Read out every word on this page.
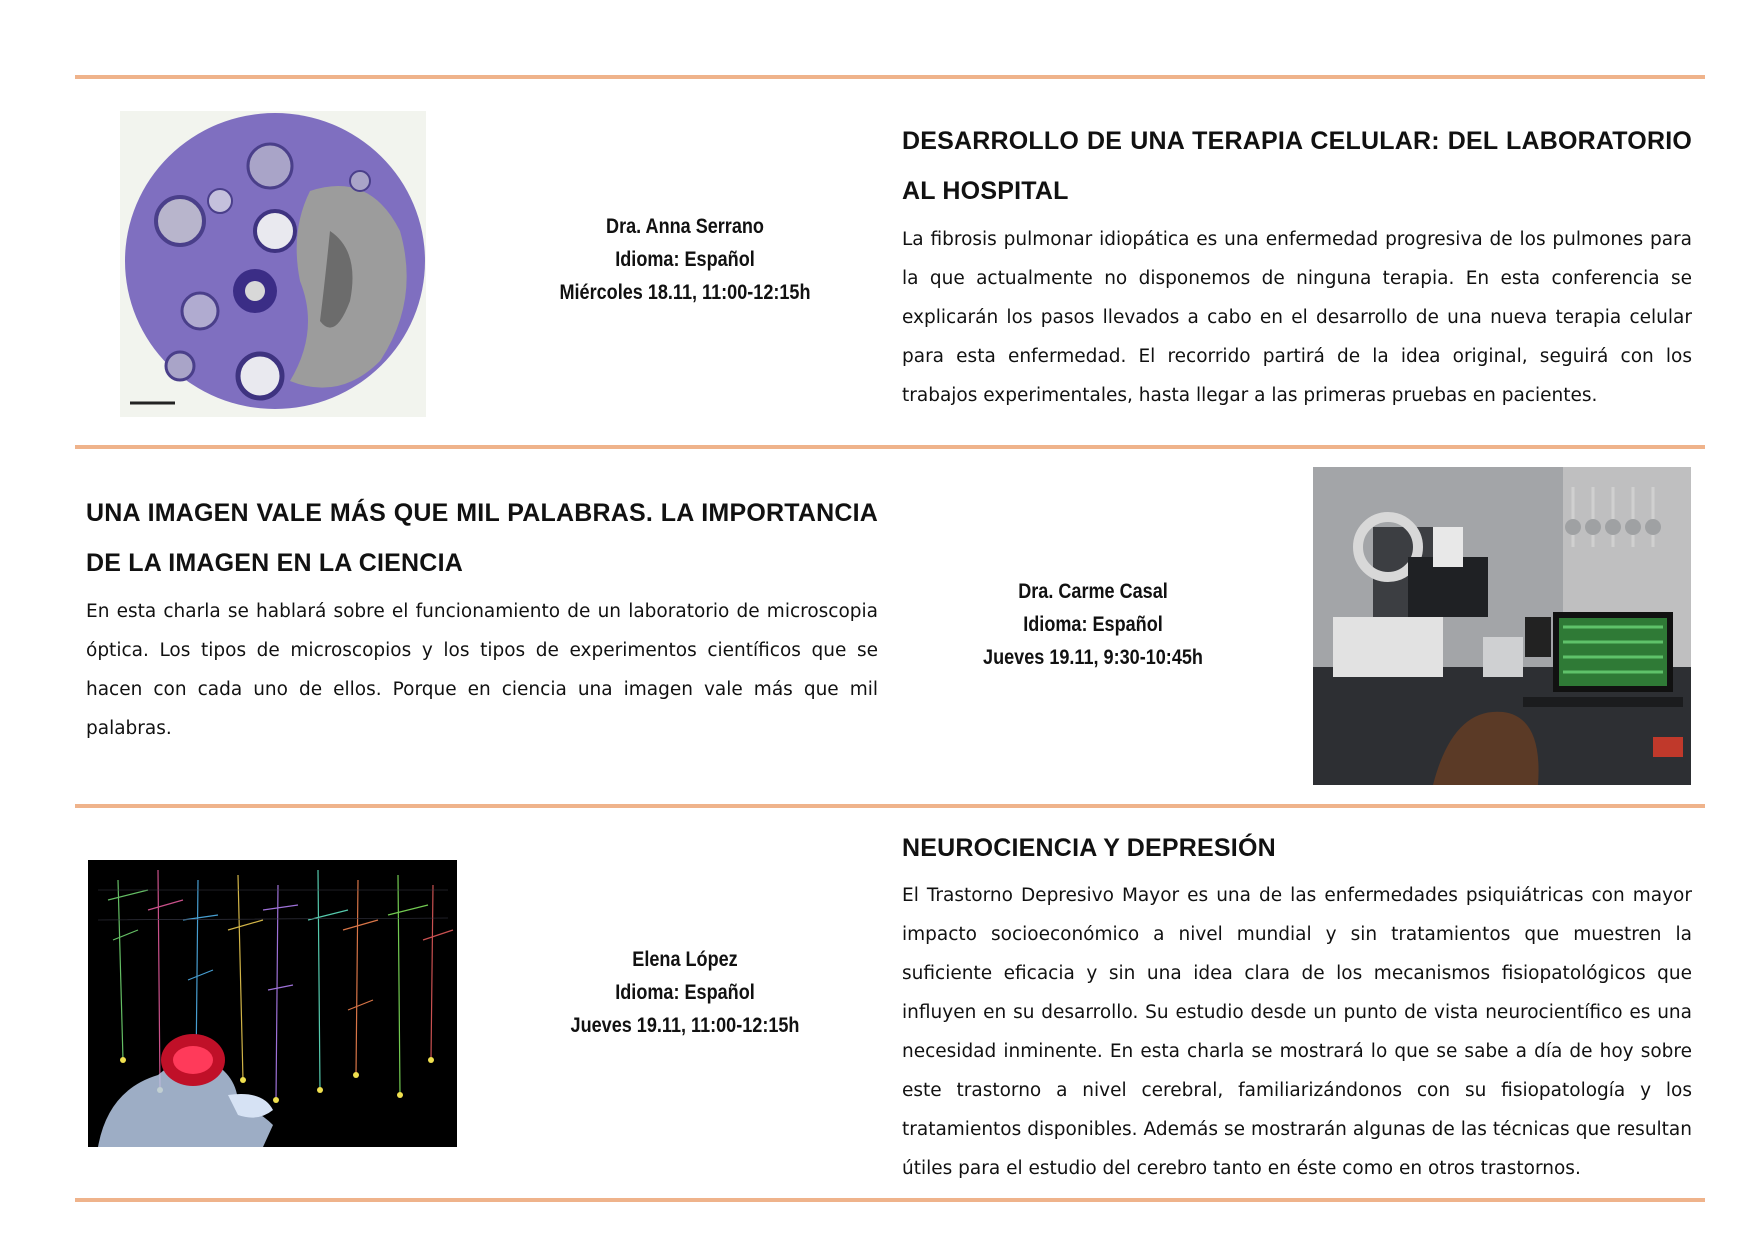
Dra. Anna Serrano
Idioma: Español
Miércoles 18.11, 11:00-12:15h
DESARROLLO DE UNA TERAPIA CELULAR: DEL LABORATORIO AL HOSPITAL
La fibrosis pulmonar idiopática es una enfermedad progresiva de los pulmones para la que actualmente no disponemos de ninguna terapia. En esta conferencia se explicarán los pasos llevados a cabo en el desarrollo de una nueva terapia celular para esta enfermedad. El recorrido partirá de la idea original, seguirá con los trabajos experimentales, hasta llegar a las primeras pruebas en pacientes.
UNA IMAGEN VALE MÁS QUE MIL PALABRAS. LA IMPORTANCIA DE LA IMAGEN EN LA CIENCIA
En esta charla se hablará sobre el funcionamiento de un laboratorio de microscopia óptica. Los tipos de microscopios y los tipos de experimentos científicos que se hacen con cada uno de ellos. Porque en ciencia una imagen vale más que mil palabras.
Dra. Carme Casal
Idioma: Español
Jueves 19.11, 9:30-10:45h
Elena López
Idioma: Español
Jueves 19.11, 11:00-12:15h
NEUROCIENCIA Y DEPRESIÓN
El Trastorno Depresivo Mayor es una de las enfermedades psiquiátricas con mayor impacto socioeconómico a nivel mundial y sin tratamientos que muestren la suficiente eficacia y sin una idea clara de los mecanismos fisiopatológicos que influyen en su desarrollo. Su estudio desde un punto de vista neurocientífico es una necesidad inminente. En esta charla se mostrará lo que se sabe a día de hoy sobre este trastorno a nivel cerebral, familiarizándonos con su fisiopatología y los tratamientos disponibles. Además se mostrarán algunas de las técnicas que resultan útiles para el estudio del cerebro tanto en éste como en otros trastornos.
